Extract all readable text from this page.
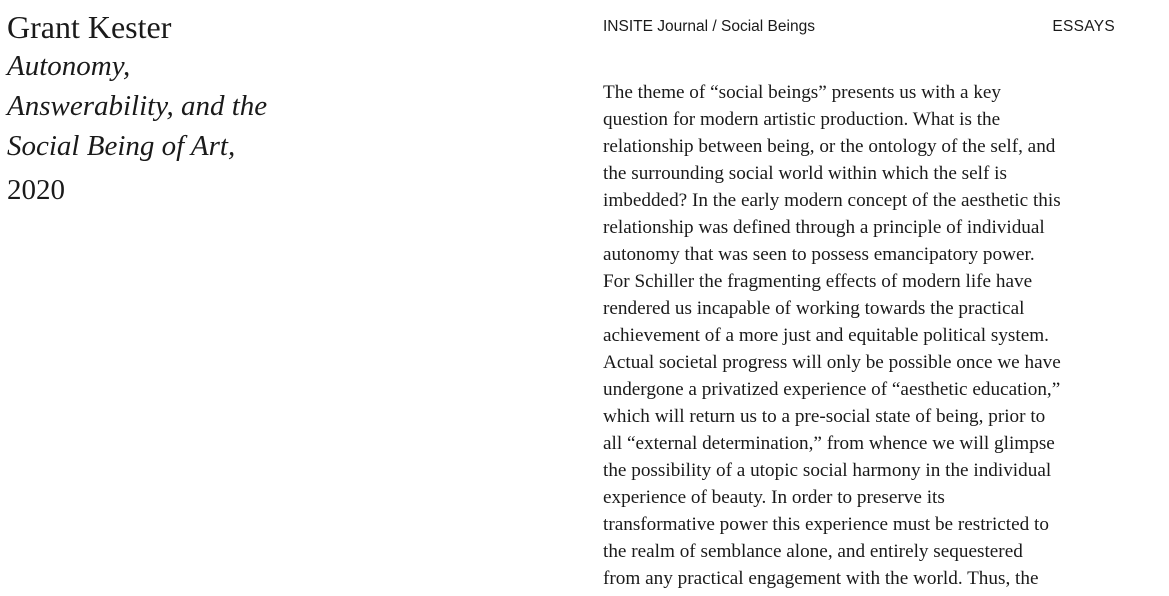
Grant Kester
Autonomy,
Answerability, and the
Social Being of Art,
2020
INSITE Journal / Social Beings	ESSAYS
The theme of “social beings” presents us with a key
question for modern artistic production. What is the
relationship between being, or the ontology of the self, and
the surrounding social world within which the self is
imbedded? In the early modern concept of the aesthetic this
relationship was defined through a principle of individual
autonomy that was seen to possess emancipatory power.
For Schiller the fragmenting effects of modern life have
rendered us incapable of working towards the practical
achievement of a more just and equitable political system.
Actual societal progress will only be possible once we have
undergone a privatized experience of “aesthetic education,”
which will return us to a pre-social state of being, prior to
all “external determination,” from whence we will glimpse
the possibility of a utopic social harmony in the individual
experience of beauty. In order to preserve its
transformative power this experience must be restricted to
the realm of semblance alone, and entirely sequestered
from any practical engagement with the world. Thus, the
